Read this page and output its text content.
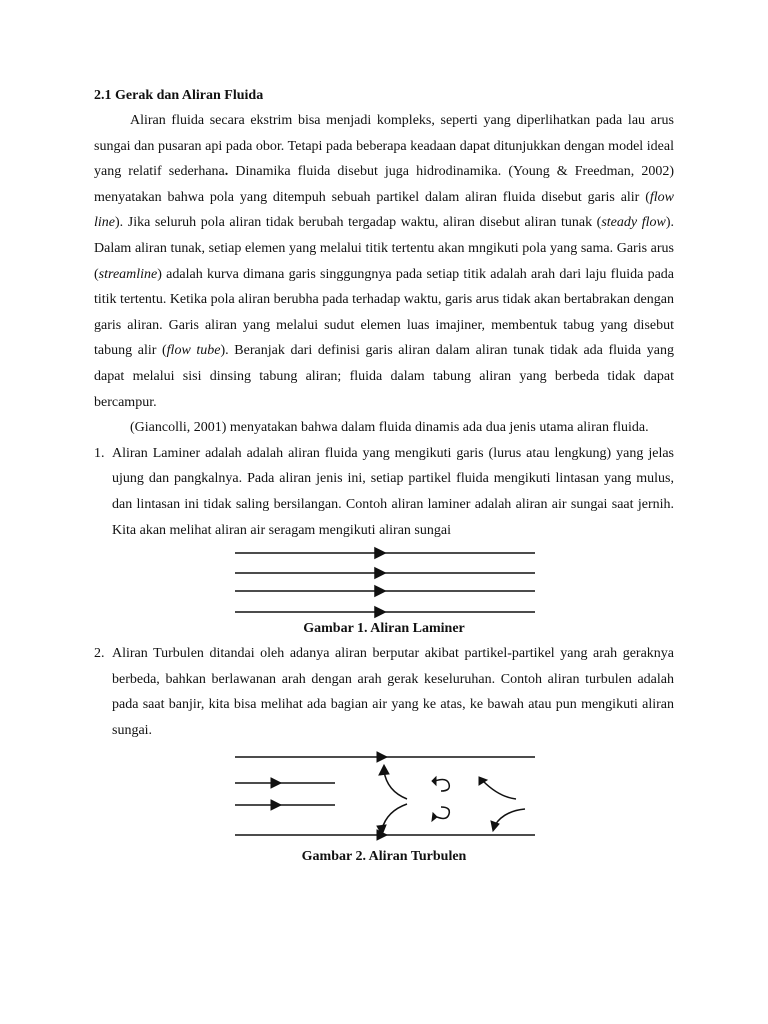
2.1 Gerak dan Aliran Fluida

Aliran fluida secara ekstrim bisa menjadi kompleks, seperti yang diperlihatkan pada lau arus sungai dan pusaran api pada obor. Tetapi pada beberapa keadaan dapat ditunjukkan dengan model ideal yang relatif sederhana. Dinamika fluida disebut juga hidrodinamika. (Young & Freedman, 2002) menyatakan bahwa pola yang ditempuh sebuah partikel dalam aliran fluida disebut garis alir (flow line). Jika seluruh pola aliran tidak berubah tergadap waktu, aliran disebut aliran tunak (steady flow). Dalam aliran tunak, setiap elemen yang melalui titik tertentu akan mngikuti pola yang sama. Garis arus (streamline) adalah kurva dimana garis singgungnya pada setiap titik adalah arah dari laju fluida pada titik tertentu. Ketika pola aliran berubha pada terhadap waktu, garis arus tidak akan bertabrakan dengan garis aliran. Garis aliran yang melalui sudut elemen luas imajiner, membentuk tabug yang disebut tabung alir (flow tube). Beranjak dari definisi garis aliran dalam aliran tunak tidak ada fluida yang dapat melalui sisi dinsing tabung aliran; fluida dalam tabung aliran yang berbeda tidak dapat bercampur.

(Giancolli, 2001) menyatakan bahwa dalam fluida dinamis ada dua jenis utama aliran fluida.

1. Aliran Laminer adalah adalah aliran fluida yang mengikuti garis (lurus atau lengkung) yang jelas ujung dan pangkalnya. Pada aliran jenis ini, setiap partikel fluida mengikuti lintasan yang mulus, dan lintasan ini tidak saling bersilangan. Contoh aliran laminer adalah aliran air sungai saat jernih. Kita akan melihat aliran air seragam mengikuti aliran sungai
Gambar 1. Aliran Laminer
2. Aliran Turbulen ditandai oleh adanya aliran berputar akibat partikel-partikel yang arah geraknya berbeda, bahkan berlawanan arah dengan arah gerak keseluruhan. Contoh aliran turbulen adalah pada saat banjir, kita bisa melihat ada bagian air yang ke atas, ke bawah atau pun mengikuti aliran sungai.
Gambar 2. Aliran Turbulen
